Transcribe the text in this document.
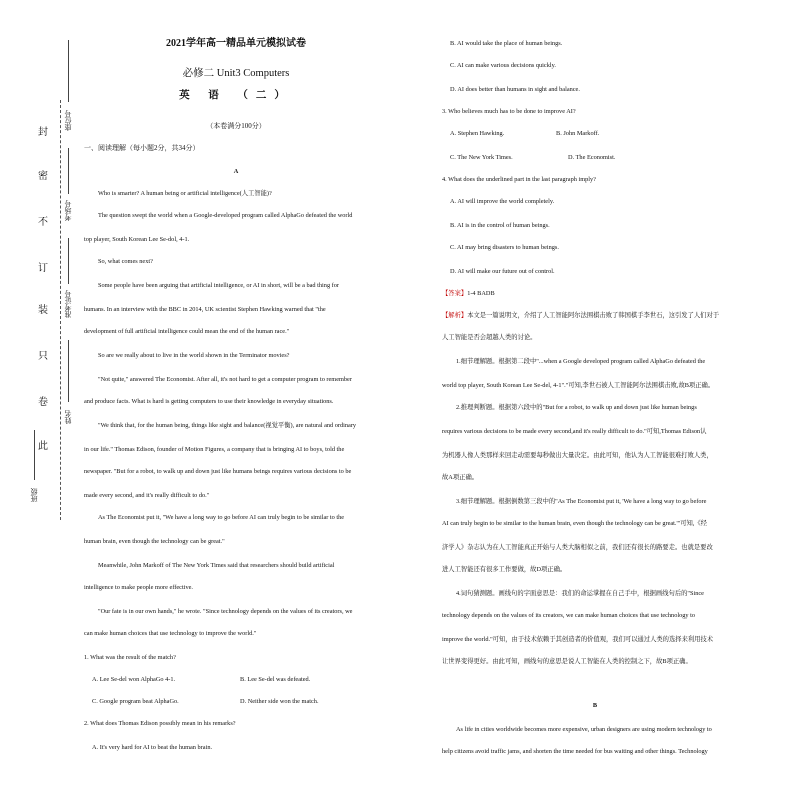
封
密
不
订
装
只
卷
此
座位号
考场号
准考证号
姓名
班级
2021学年高一精品单元模拟试卷
必修二 Unit3 Computers
英 语 （二）
（本卷满分100分）
一、阅读理解（每小题2分，共34分）
A
Who is smarter? A human being or artificial intelligence(人工智能)?
The question swept the world when a Google-developed program called AlphaGo defeated the world
top player, South Korean Lee Se-dol, 4-1.
So, what comes next?
Some people have been arguing that artificial intelligence, or AI in short, will be a bad thing for
humans. In an interview with the BBC in 2014, UK scientist Stephen Hawking warned that "the
development of full artificial intelligence could mean the end of the human race."
So are we really about to live in the world shown in the Terminator movies?
"Not quite," answered The Economist. After all, it's not hard to get a computer program to remember
and produce facts. What is hard is getting computers to use their knowledge in everyday situations.
"We think that, for the human being, things like sight and balance(视觉平衡), are natural and ordinary
in our life." Thomas Edison, founder of Motion Figures, a company that is bringing AI to boys, told the
newspaper. "But for a robot, to walk up and down just like humans beings requires various decisions to be
made every second, and it's really difficult to do."
As The Economist put it, "We have a long way to go before AI can truly begin to be similar to the
human brain, even though the technology can be great."
Meanwhile, John Markoff of The New York Times said that researchers should build artificial
intelligence to make people more effective.
"Our fate is in our own hands," he wrote. "Since technology depends on the values of its creators, we
can make human choices that use technology to improve the world."
1. What was the result of the match?
A. Lee Se-del won AlphaGo 4-1.	B. Lee Se-del was defeated.
C. Google program beat AlphaGo.	D. Neither side won the match.
2. What does Thomas Edison possibly mean in his remarks?
A. It's very hard for AI to beat the human brain.
B. AI would take the place of human beings.
C. AI can make various decisions quickly.
D. AI does better than humans in sight and balance.
3. Who believes much has to be done to improve AI?
A. Stephen Hawking.	B. John Markoff.
C. The New York Times.	D. The Economist.
4. What does the underlined part in the last paragraph imply?
A. AI will improve the world completely.
B. AI is in the control of human beings.
C. AI may bring disasters to human beings.
D. AI will make our future out of control.
【答案】1-4 BADB
【解析】本文是一篇说明文，介绍了人工智能阿尔法围棋击败了韩国棋手李世石，这引发了人们对于
人工智能是否会超越人类的讨论。
1.细节理解题。根据第二段中"...when a Google developed program called AlphaGo defeated the
world top player, South Korean Lee Se-del, 4-1"."可知,李世石被人工智能阿尔法围棋击败,故B项正确。
2.推理判断题。根据第六段中的"But for a robot, to walk up and down just like human beings
requires various decisions to be made every second,and it's really difficult to do."可知,Thomas Edison认
为机器人像人类那样来回走动需要每秒做出大量决定。由此可知，他认为人工智能很难打败人类，
故A项正确。
3.细节理解题。根据倒数第三段中的"As The Economist put it, 'We have a long way to go before
AI can truly begin to be similar to the human brain, even though the technology can be great.'"可知,《经
济学人》杂志认为在人工智能真正开始与人类大脑相似之前，我们还有很长的路要走。也就是要改
进人工智能还有很多工作要做，故D项正确。
4.词句猜测题。画线句的字面意思是：我们的命运掌握在自己手中，根据画线句后的"Since
technology depends on the values of its creators, we can make human choices that use technology to
improve the world."可知，由于技术依赖于其创造者的价值观，我们可以通过人类的选择来利用技术
让世界变得更好。由此可知，画线句的意思是说人工智能在人类的控制之下，故B项正确。
B
As life in cities worldwide becomes more expensive, urban designers are using modern technology to
help citizens avoid traffic jams, and shorten the time needed for bus waiting and other things. Technology
